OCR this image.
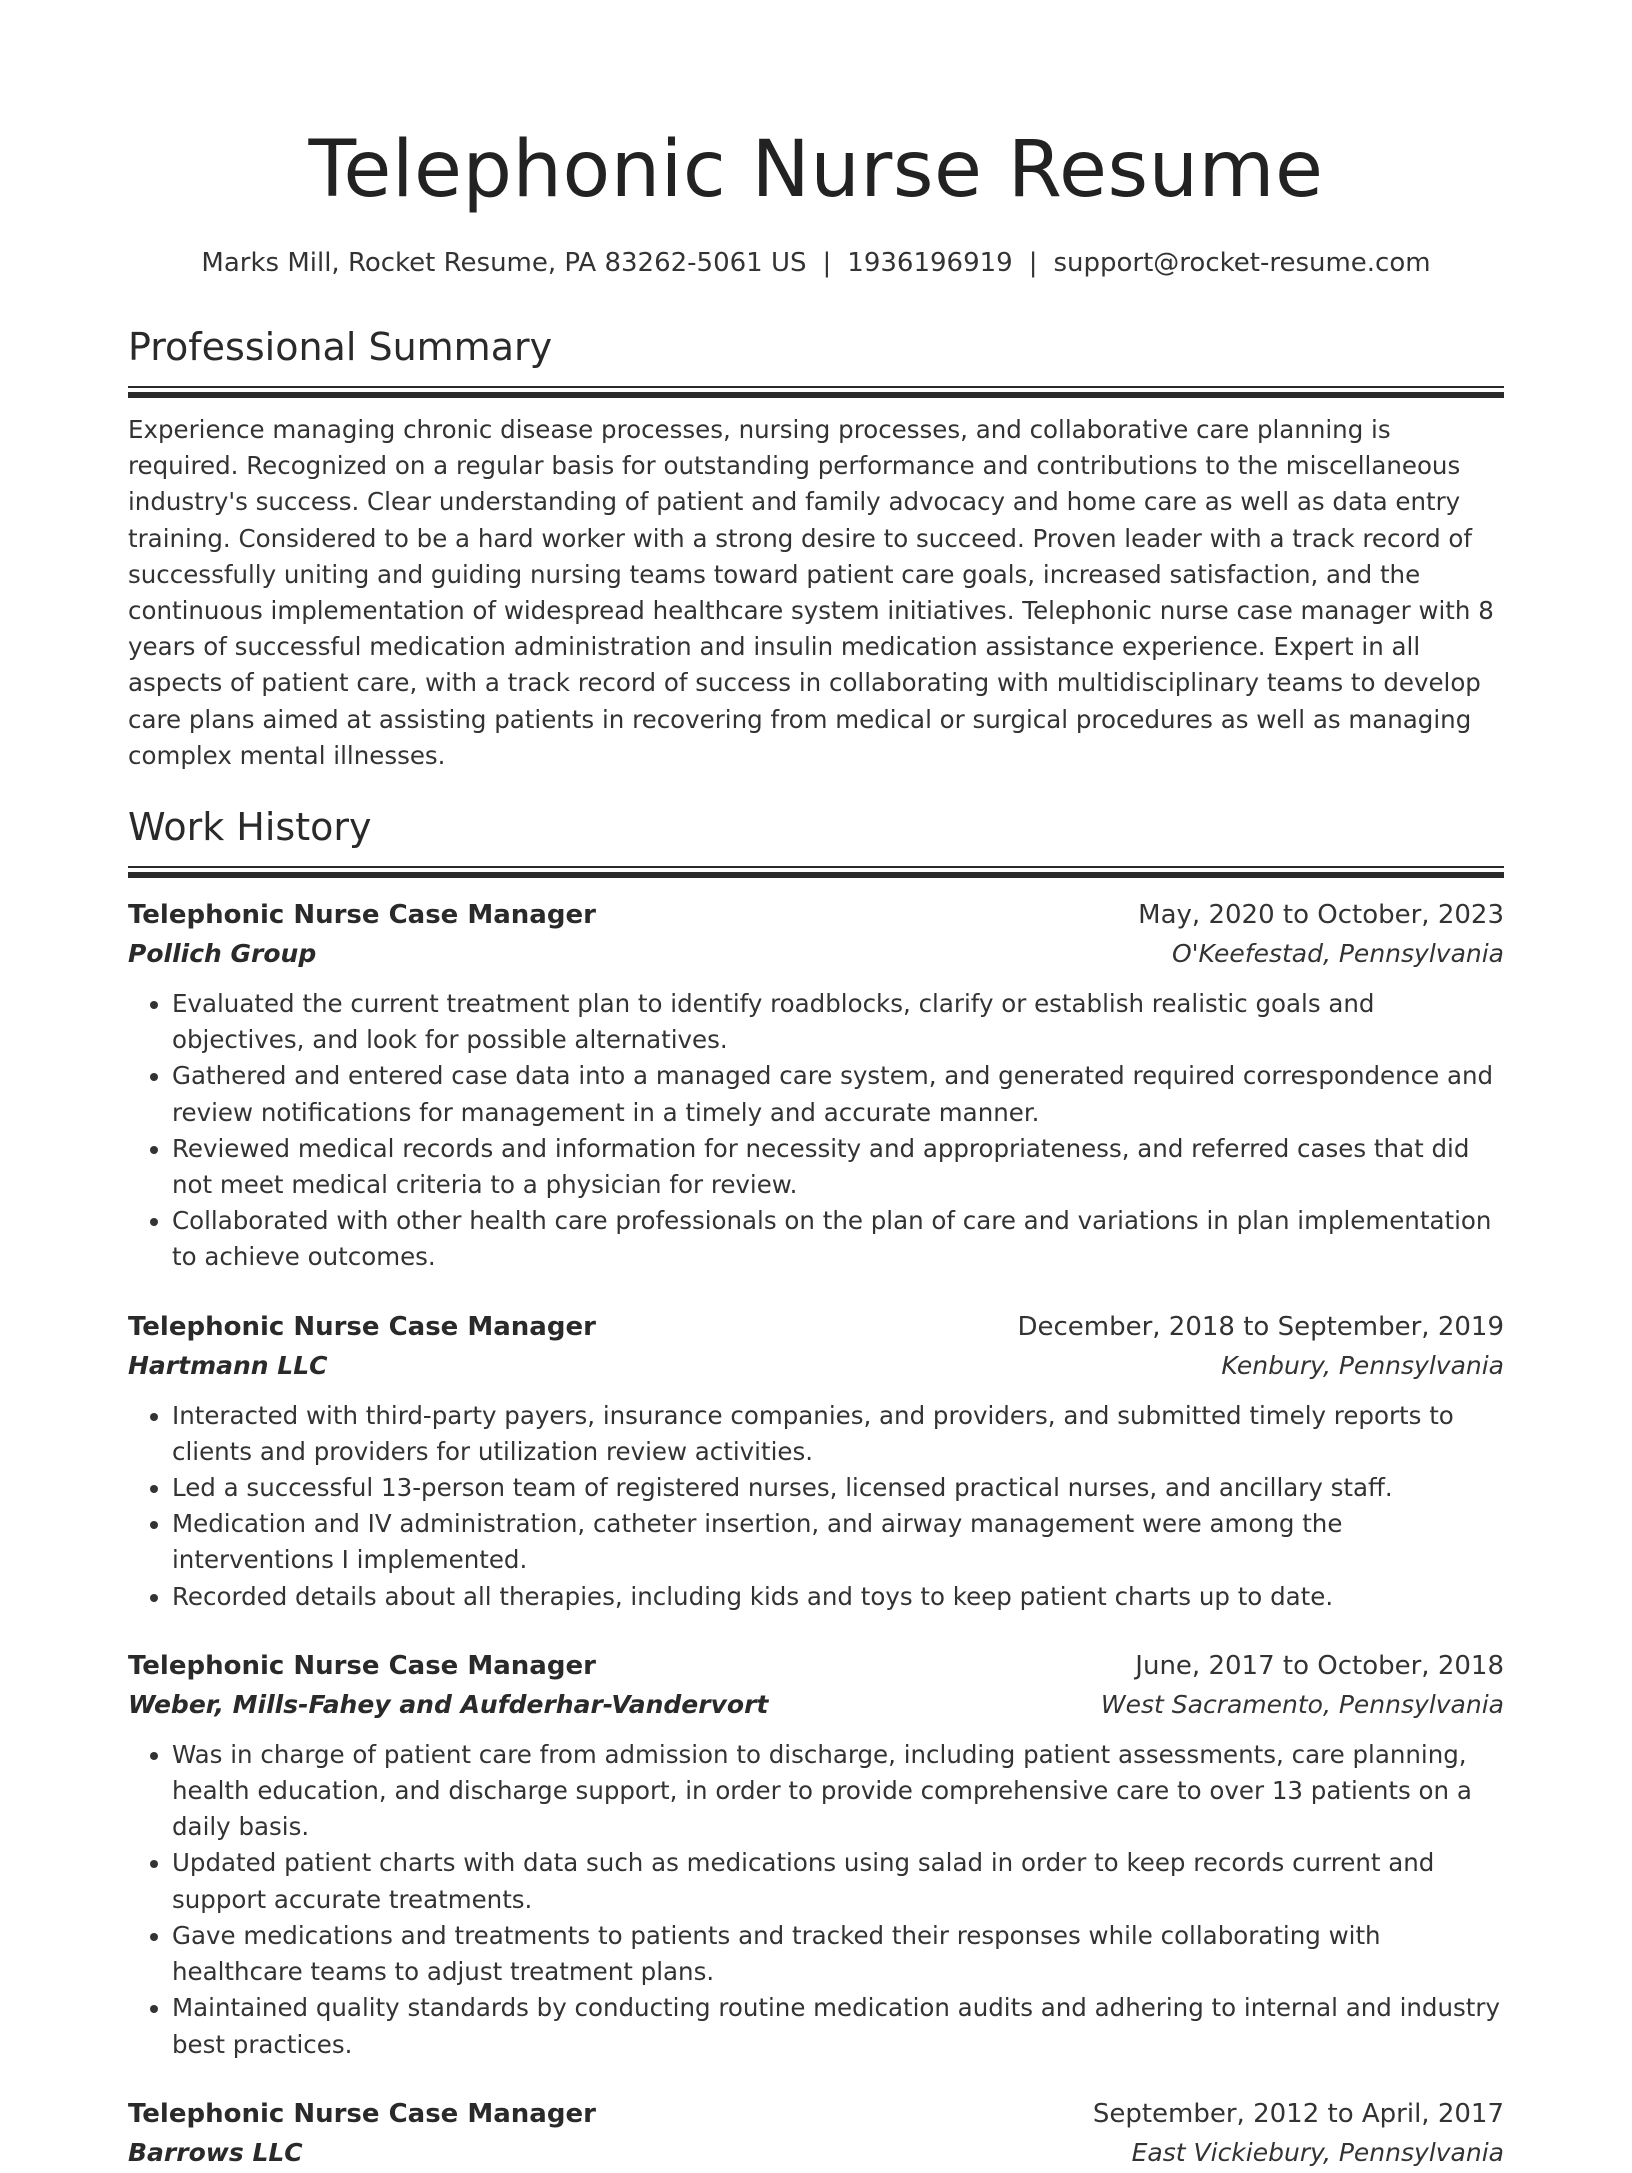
Telephonic Nurse Resume
Marks Mill, Rocket Resume, PA 83262-5061 US | 1936196919 | support@rocket-resume.com
Professional Summary

Experience managing chronic disease processes, nursing processes, and collaborative care planning is required. Recognized on a regular basis for outstanding performance and contributions to the miscellaneous industry's success. Clear understanding of patient and family advocacy and home care as well as data entry training. Considered to be a hard worker with a strong desire to succeed. Proven leader with a track record of successfully uniting and guiding nursing teams toward patient care goals, increased satisfaction, and the continuous implementation of widespread healthcare system initiatives. Telephonic nurse case manager with 8 years of successful medication administration and insulin medication assistance experience. Expert in all aspects of patient care, with a track record of success in collaborating with multidisciplinary teams to develop care plans aimed at assisting patients in recovering from medical or surgical procedures as well as managing complex mental illnesses.

Work History
Telephonic Nurse Case Manager	May, 2020 to October, 2023
Pollich Group	O'Keefestad, Pennsylvania
• Evaluated the current treatment plan to identify roadblocks, clarify or establish realistic goals and objectives, and look for possible alternatives.
• Gathered and entered case data into a managed care system, and generated required correspondence and review notifications for management in a timely and accurate manner.
• Reviewed medical records and information for necessity and appropriateness, and referred cases that did not meet medical criteria to a physician for review.
• Collaborated with other health care professionals on the plan of care and variations in plan implementation to achieve outcomes.
Telephonic Nurse Case Manager	December, 2018 to September, 2019
Hartmann LLC	Kenbury, Pennsylvania
• Interacted with third-party payers, insurance companies, and providers, and submitted timely reports to clients and providers for utilization review activities.
• Led a successful 13-person team of registered nurses, licensed practical nurses, and ancillary staff.
• Medication and IV administration, catheter insertion, and airway management were among the interventions I implemented.
• Recorded details about all therapies, including kids and toys to keep patient charts up to date.
Telephonic Nurse Case Manager	June, 2017 to October, 2018
Weber, Mills-Fahey and Aufderhar-Vandervort	West Sacramento, Pennsylvania
• Was in charge of patient care from admission to discharge, including patient assessments, care planning, health education, and discharge support, in order to provide comprehensive care to over 13 patients on a daily basis.
• Updated patient charts with data such as medications using salad in order to keep records current and support accurate treatments.
• Gave medications and treatments to patients and tracked their responses while collaborating with healthcare teams to adjust treatment plans.
• Maintained quality standards by conducting routine medication audits and adhering to internal and industry best practices.
Telephonic Nurse Case Manager	September, 2012 to April, 2017
Barrows LLC	East Vickiebury, Pennsylvania
